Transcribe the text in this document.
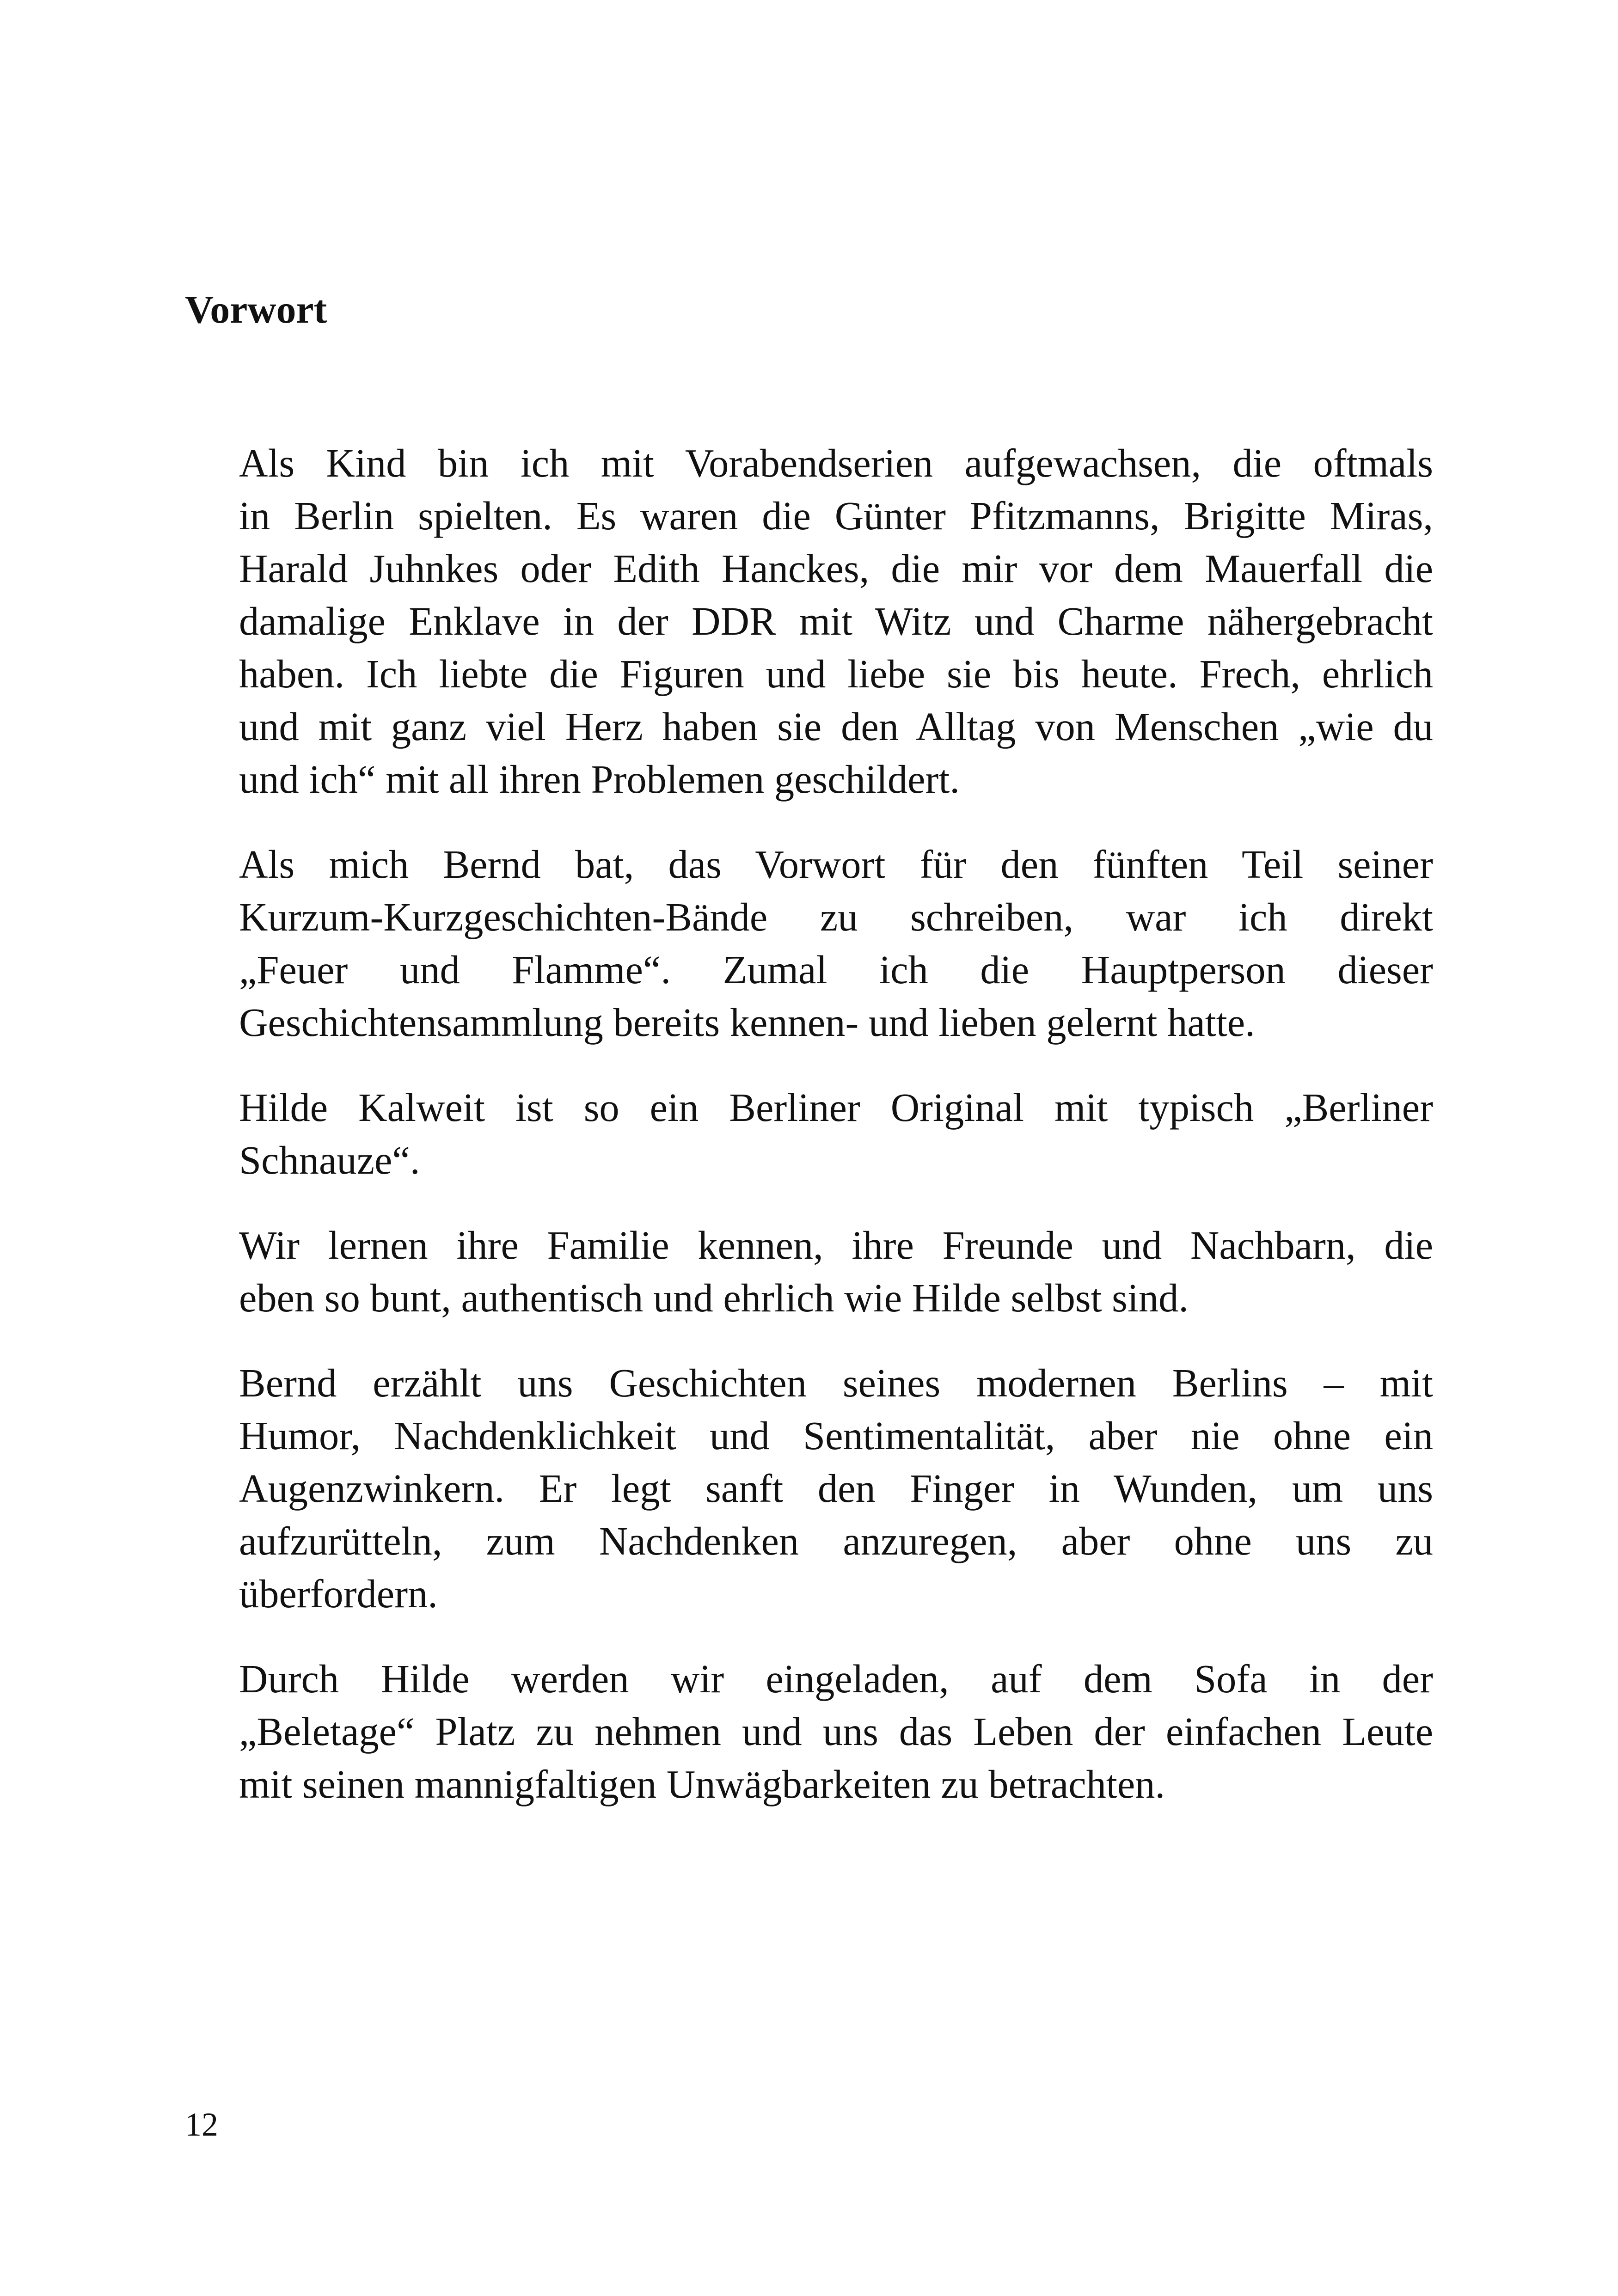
Vorwort

Als Kind bin ich mit Vorabendserien aufgewachsen, die oftmals
in Berlin spielten. Es waren die Günter Pfitzmanns, Brigitte Miras,
Harald Juhnkes oder Edith Hanckes, die mir vor dem Mauerfall die
damalige Enklave in der DDR mit Witz und Charme nähergebracht
haben. Ich liebte die Figuren und liebe sie bis heute. Frech, ehrlich
und mit ganz viel Herz haben sie den Alltag von Menschen „wie du
und ich“ mit all ihren Problemen geschildert.

Als mich Bernd bat, das Vorwort für den fünften Teil seiner
Kurzum-Kurzgeschichten-Bände zu schreiben, war ich direkt
„Feuer und Flamme“. Zumal ich die Hauptperson dieser
Geschichtensammlung bereits kennen- und lieben gelernt hatte.

Hilde Kalweit ist so ein Berliner Original mit typisch „Berliner
Schnauze“.

Wir lernen ihre Familie kennen, ihre Freunde und Nachbarn, die
eben so bunt, authentisch und ehrlich wie Hilde selbst sind.

Bernd erzählt uns Geschichten seines modernen Berlins – mit
Humor, Nachdenklichkeit und Sentimentalität, aber nie ohne ein
Augenzwinkern. Er legt sanft den Finger in Wunden, um uns
aufzurütteln, zum Nachdenken anzuregen, aber ohne uns zu
überfordern.

Durch Hilde werden wir eingeladen, auf dem Sofa in der
„Beletage“ Platz zu nehmen und uns das Leben der einfachen Leute
mit seinen mannigfaltigen Unwägbarkeiten zu betrachten.

12
